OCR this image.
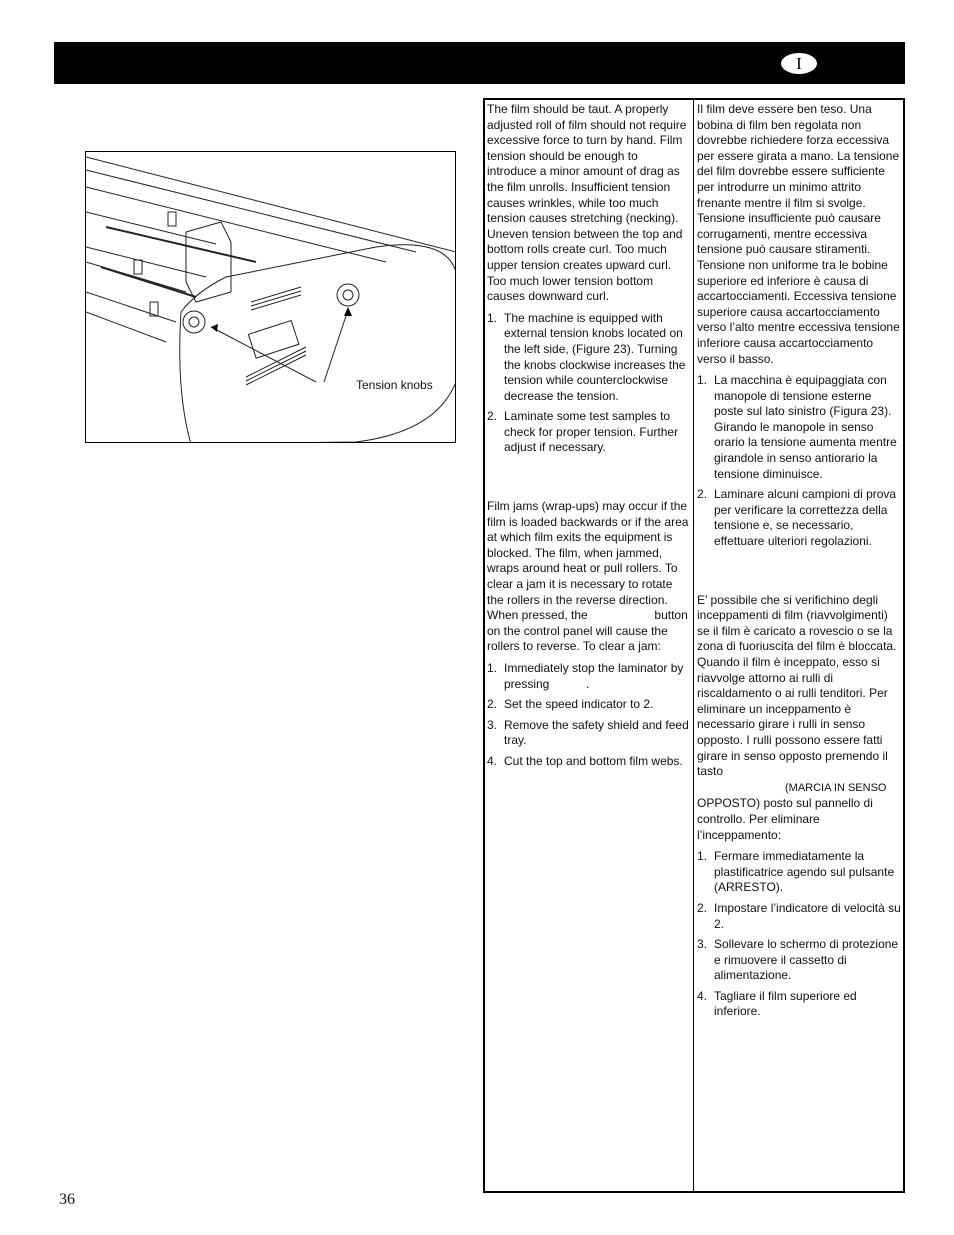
I
Tension knobs

The film should be taut. A properly adjusted roll of film should not require excessive force to turn by hand. Film tension should be enough to introduce a minor amount of drag as the film unrolls. Insufficient tension causes wrinkles, while too much tension causes stretching (necking). Uneven tension between the top and bottom rolls create curl. Too much upper tension creates upward curl. Too much lower tension bottom causes downward curl.

1. The machine is equipped with external tension knobs located on the left side, (Figure 23). Turning the knobs clockwise increases the tension while counterclockwise decrease the tension.
2. Laminate some test samples to check for proper tension. Further adjust if necessary.

Film jams (wrap-ups) may occur if the film is loaded backwards or if the area at which film exits the equipment is blocked. The film, when jammed, wraps around heat or pull rollers. To clear a jam it is necessary to rotate the rollers in the reverse direction. When pressed, the                    button on the control panel will cause the rollers to reverse. To clear a jam:

1. Immediately stop the laminator by pressing           .
2. Set the speed indicator to 2.
3. Remove the safety shield and feed tray.
4. Cut the top and bottom film webs.

Il film deve essere ben teso. Una bobina di film ben regolata non dovrebbe richiedere forza eccessiva per essere girata a mano. La tensione del film dovrebbe essere sufficiente per introdurre un minimo attrito frenante mentre il film si svolge. Tensione insufficiente può causare corrugamenti, mentre eccessiva tensione può causare stiramenti. Tensione non uniforme tra le bobine superiore ed inferiore è causa di accartocciamenti. Eccessiva tensione superiore causa accartocciamento verso l’alto mentre eccessiva tensione inferiore causa accartocciamento verso il basso.

1. La macchina è equipaggiata con manopole di tensione esterne poste sul lato sinistro (Figura 23). Girando le manopole in senso orario la tensione aumenta mentre girandole in senso antiorario la tensione diminuisce.
2. Laminare alcuni campioni di prova per verificare la correttezza della tensione e, se necessario, effettuare ulteriori regolazioni.

E’ possibile che si verifichino degli inceppamenti di film (riavvolgimenti) se il film è caricato a rovescio o se la zona di fuoriuscita del film è bloccata. Quando il film è inceppato, esso si riavvolge attorno ai rulli di riscaldamento o ai rulli tenditori. Per eliminare un inceppamento è necessario girare i rulli in senso opposto. I rulli possono essere fatti girare in senso opposto premendo il tasto
(MARCIA IN SENSO
OPPOSTO) posto sul pannello di controllo. Per eliminare l’inceppamento:

1. Fermare immediatamente la plastificatrice agendo sul pulsante            (ARRESTO).
2. Impostare l’indicatore di velocità su 2.
3. Sollevare lo schermo di protezione e rimuovere il cassetto di alimentazione.
4. Tagliare il film superiore ed inferiore.
36
